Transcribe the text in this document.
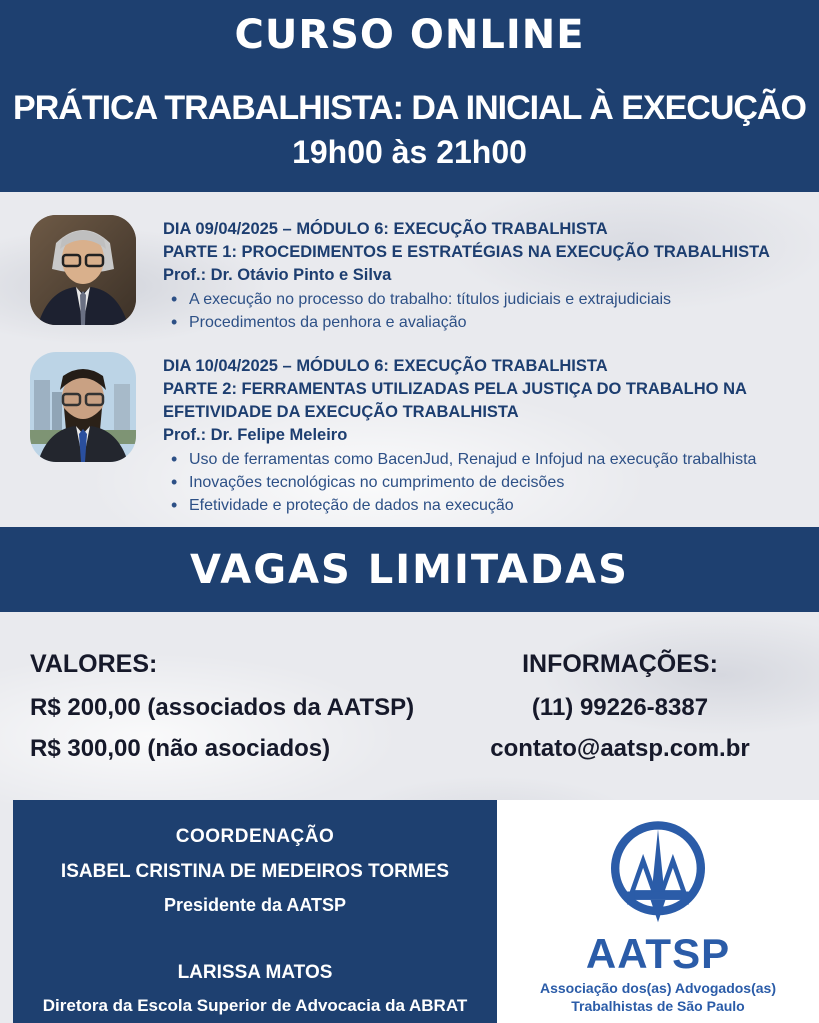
CURSO ONLINE
PRÁTICA TRABALHISTA: DA INICIAL À EXECUÇÃO
19h00 às 21h00
DIA 09/04/2025 – MÓDULO 6: EXECUÇÃO TRABALHISTA
PARTE 1: PROCEDIMENTOS E ESTRATÉGIAS NA EXECUÇÃO TRABALHISTA
Prof.: Dr. Otávio Pinto e Silva
• A execução no processo do trabalho: títulos judiciais e extrajudiciais
• Procedimentos da penhora e avaliação
DIA 10/04/2025 – MÓDULO 6: EXECUÇÃO TRABALHISTA
PARTE 2: FERRAMENTAS UTILIZADAS PELA JUSTIÇA DO TRABALHO NA EFETIVIDADE DA EXECUÇÃO TRABALHISTA
Prof.: Dr. Felipe Meleiro
• Uso de ferramentas como BacenJud, Renajud e Infojud na execução trabalhista
• Inovações tecnológicas no cumprimento de decisões
• Efetividade e proteção de dados na execução
VAGAS LIMITADAS
VALORES:
R$ 200,00 (associados da AATSP)
R$ 300,00 (não asociados)
INFORMAÇÕES:
(11) 99226-8387
contato@aatsp.com.br
COORDENAÇÃO
ISABEL CRISTINA DE MEDEIROS TORMES
Presidente da AATSP
LARISSA MATOS
Diretora da Escola Superior de Advocacia da ABRAT
AATSP
Associação dos(as) Advogados(as)
Trabalhistas de São Paulo
